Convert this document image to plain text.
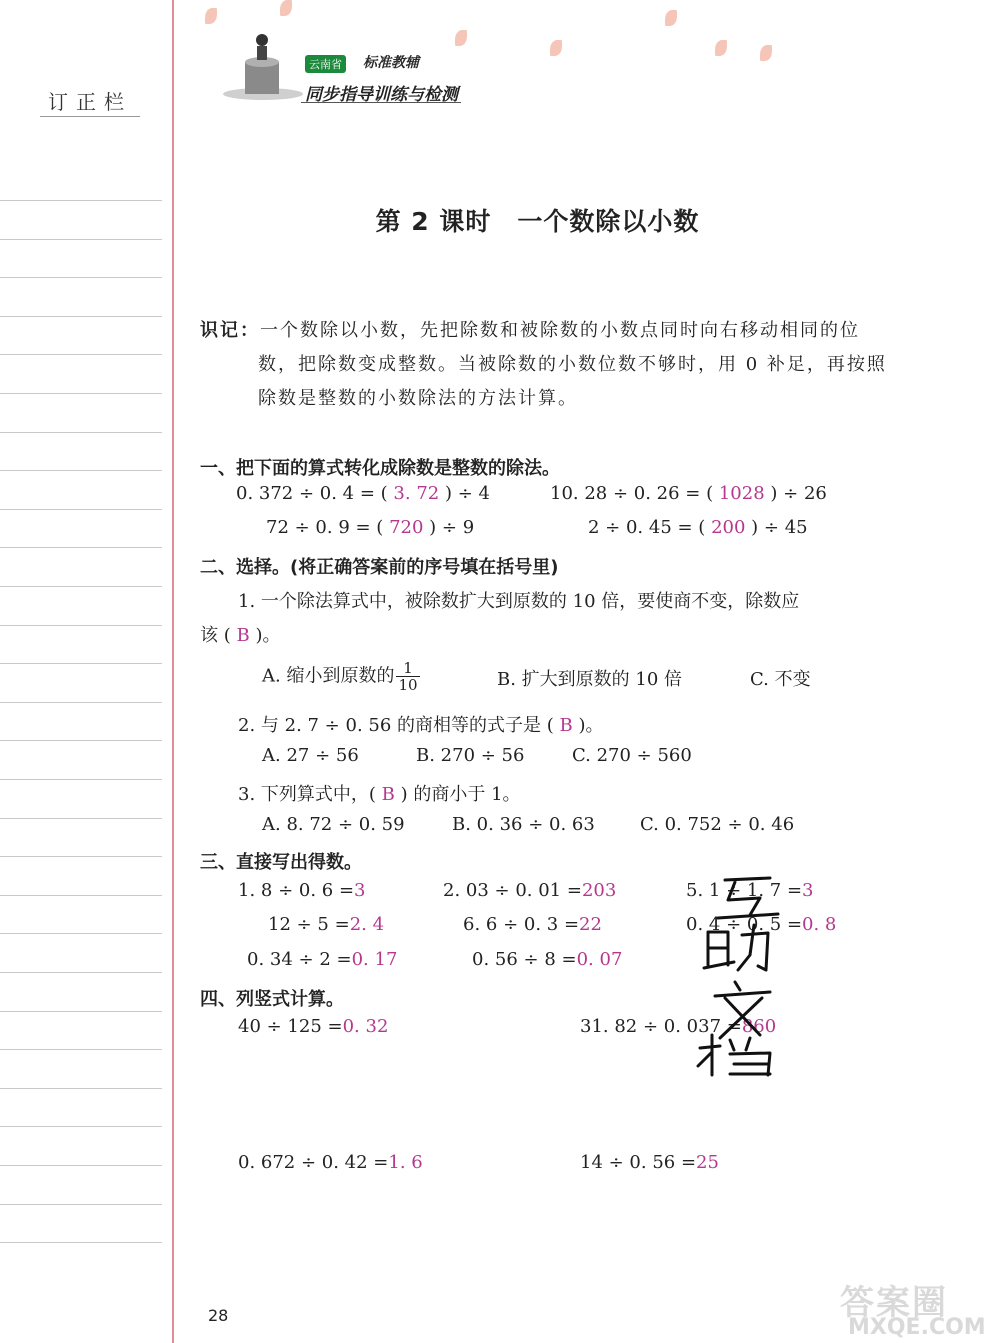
订正栏
云南省 标准教辅
同步指导训练与检测
第 2 课时　一个数除以小数
识记：一个数除以小数，先把除数和被除数的小数点同时向右移动相同的位
数，把除数变成整数。当被除数的小数位数不够时，用 0 补足，再按照
除数是整数的小数除法的方法计算。
一、把下面的算式转化成除数是整数的除法。
0. 372 ÷ 0. 4 = ( 3. 72 ) ÷ 4	10. 28 ÷ 0. 26 = ( 1028 ) ÷ 26
72 ÷ 0. 9 = ( 720 ) ÷ 9	2 ÷ 0. 45 = ( 200 ) ÷ 45
二、选择。(将正确答案前的序号填在括号里)
1. 一个除法算式中，被除数扩大到原数的 10 倍，要使商不变，除数应
该 ( B )。
A. 缩小到原数的 $\frac{1}{10}$	B. 扩大到原数的 10 倍	C. 不变
2. 与 2. 7 ÷ 0. 56 的商相等的式子是 ( B )。
A. 27 ÷ 56	B. 270 ÷ 56	C. 270 ÷ 560
3. 下列算式中，( B ) 的商小于 1。
A. 8. 72 ÷ 0. 59	B. 0. 36 ÷ 0. 63	C. 0. 752 ÷ 0. 46
三、直接写出得数。
1. 8 ÷ 0. 6 =3	2. 03 ÷ 0. 01 =203	5. 1 ÷ 1. 7 =3
12 ÷ 5 =2. 4	6. 6 ÷ 0. 3 =22	0. 4 ÷ 0. 5 =0. 8
0. 34 ÷ 2 =0. 17	0. 56 ÷ 8 =0. 07
四、列竖式计算。
40 ÷ 125 =0. 32	31. 82 ÷ 0. 037 =860
0. 672 ÷ 0. 42 =1. 6	14 ÷ 0. 56 =25
28	答案圈
MXQE.COM
